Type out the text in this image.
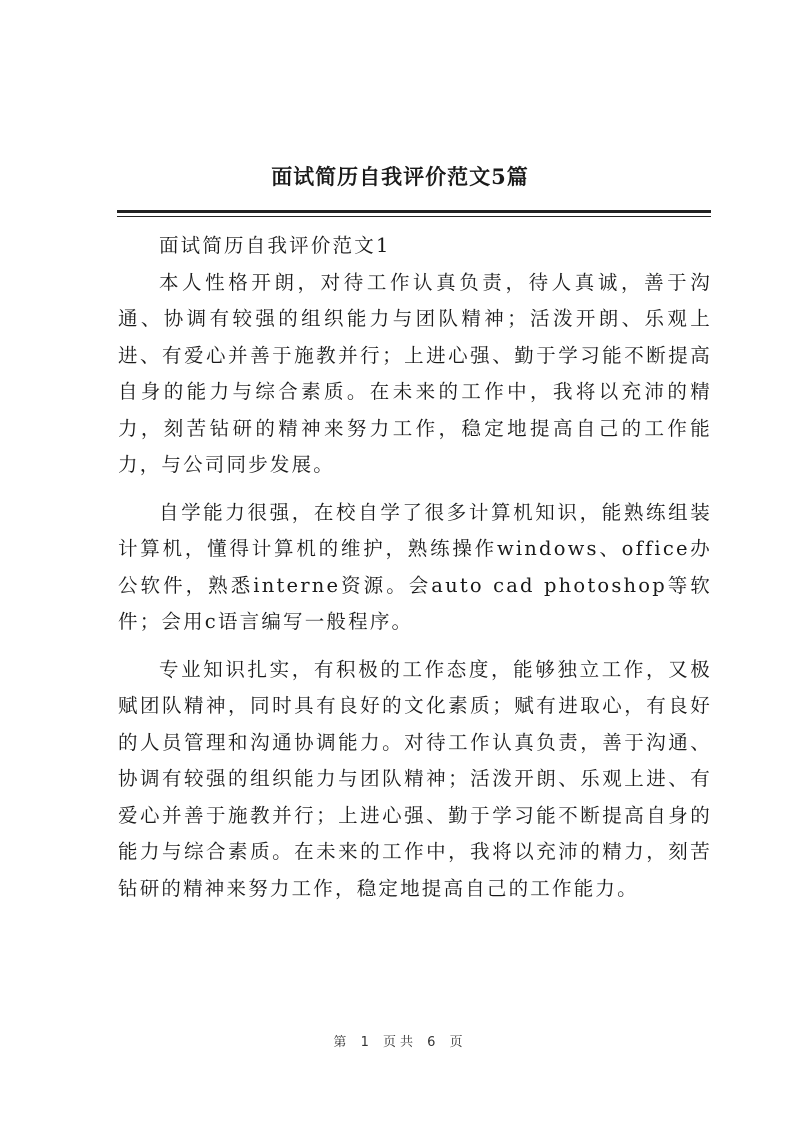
面试简历自我评价范文5篇

面试简历自我评价范文1

本人性格开朗，对待工作认真负责，待人真诚，善于沟通、协调有较强的组织能力与团队精神；活泼开朗、乐观上进、有爱心并善于施教并行；上进心强、勤于学习能不断提高自身的能力与综合素质。在未来的工作中，我将以充沛的精力，刻苦钻研的精神来努力工作，稳定地提高自己的工作能力，与公司同步发展。

自学能力很强，在校自学了很多计算机知识，能熟练组装计算机，懂得计算机的维护，熟练操作windows、office办公软件，熟悉interne资源。会auto cad photoshop等软件；会用c语言编写一般程序。

专业知识扎实，有积极的工作态度，能够独立工作，又极赋团队精神，同时具有良好的文化素质；赋有进取心，有良好的人员管理和沟通协调能力。对待工作认真负责，善于沟通、协调有较强的组织能力与团队精神；活泼开朗、乐观上进、有爱心并善于施教并行；上进心强、勤于学习能不断提高自身的能力与综合素质。在未来的工作中，我将以充沛的精力，刻苦钻研的精神来努力工作，稳定地提高自己的工作能力。

第 1 页共 6 页
